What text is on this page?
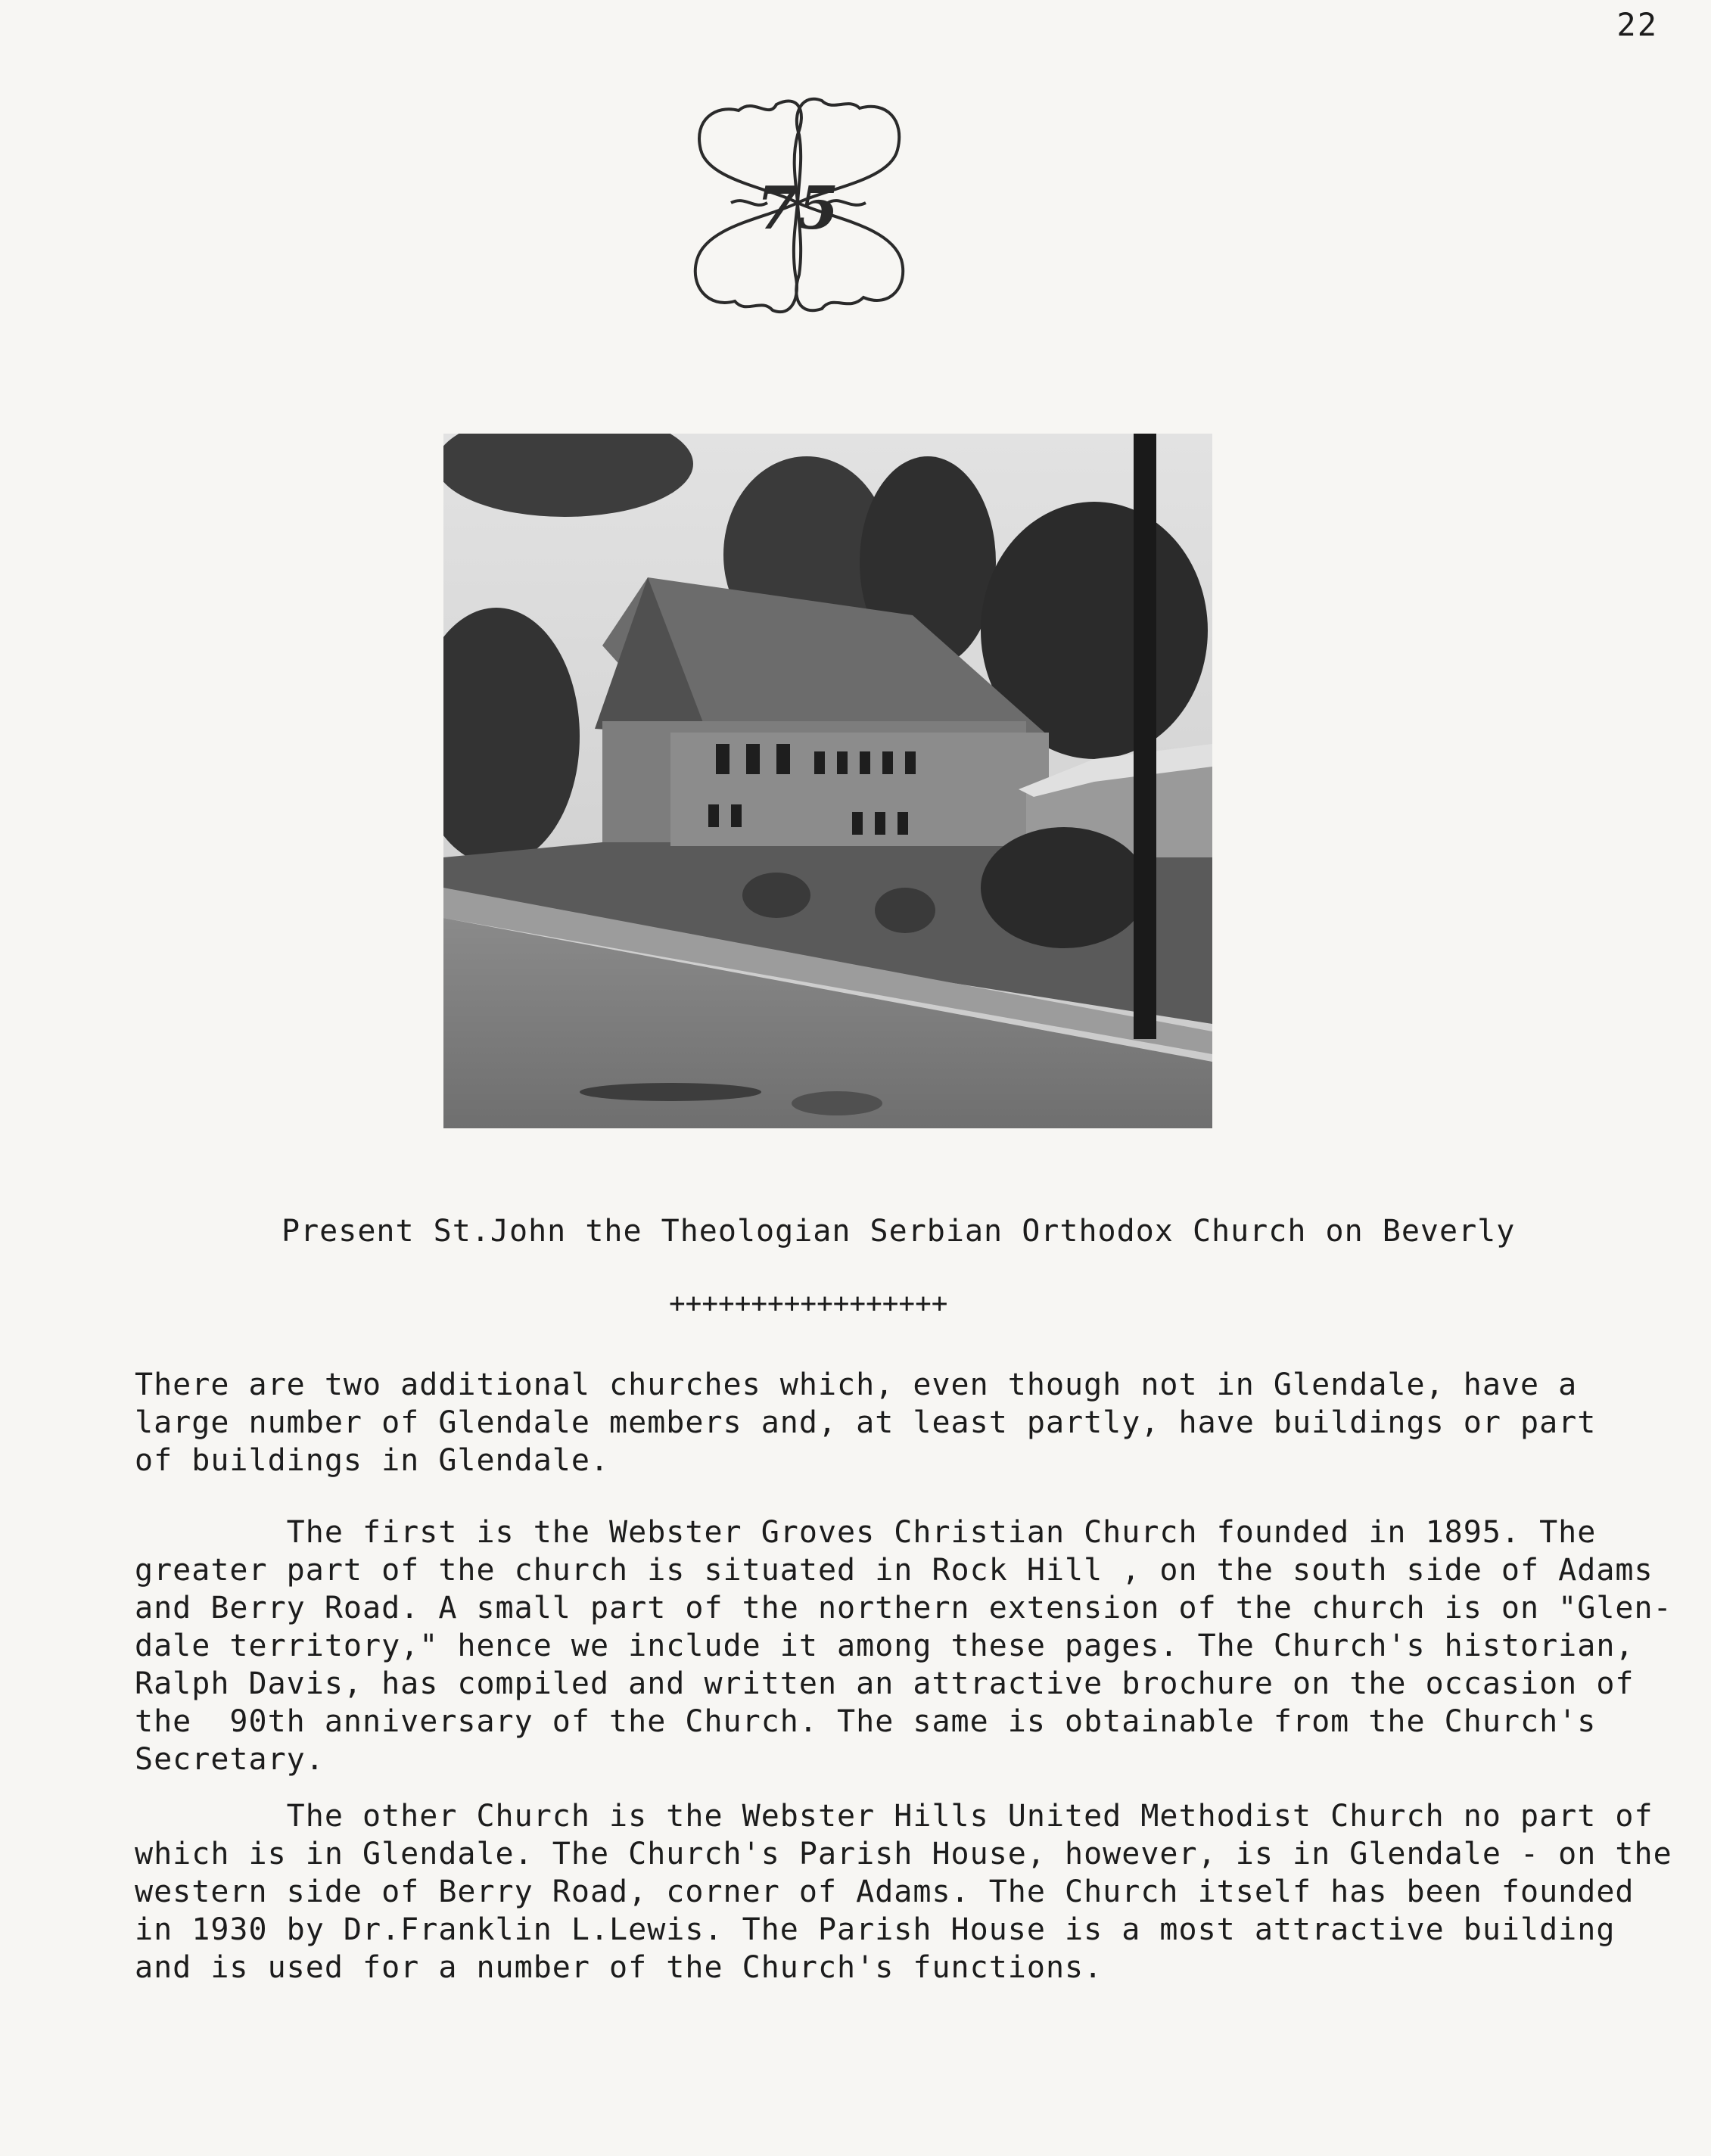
22
75
Present St.John the Theologian Serbian Orthodox Church on Beverly
+++++++++++++++++
There are two additional churches which, even though not in Glendale, have a
large number of Glendale members and, at least partly, have buildings or part
of buildings in Glendale.
The first is the Webster Groves Christian Church founded in 1895. The
greater part of the church is situated in Rock Hill , on the south side of Adams
and Berry Road. A small part of the northern extension of the church is on "Glen-
dale territory," hence we include it among these pages. The Church's historian,
Ralph Davis, has compiled and written an attractive brochure on the occasion of
the  90th anniversary of the Church. The same is obtainable from the Church's
Secretary.
The other Church is the Webster Hills United Methodist Church no part of
which is in Glendale. The Church's Parish House, however, is in Glendale - on the
western side of Berry Road, corner of Adams. The Church itself has been founded
in 1930 by Dr.Franklin L.Lewis. The Parish House is a most attractive building
and is used for a number of the Church's functions.
